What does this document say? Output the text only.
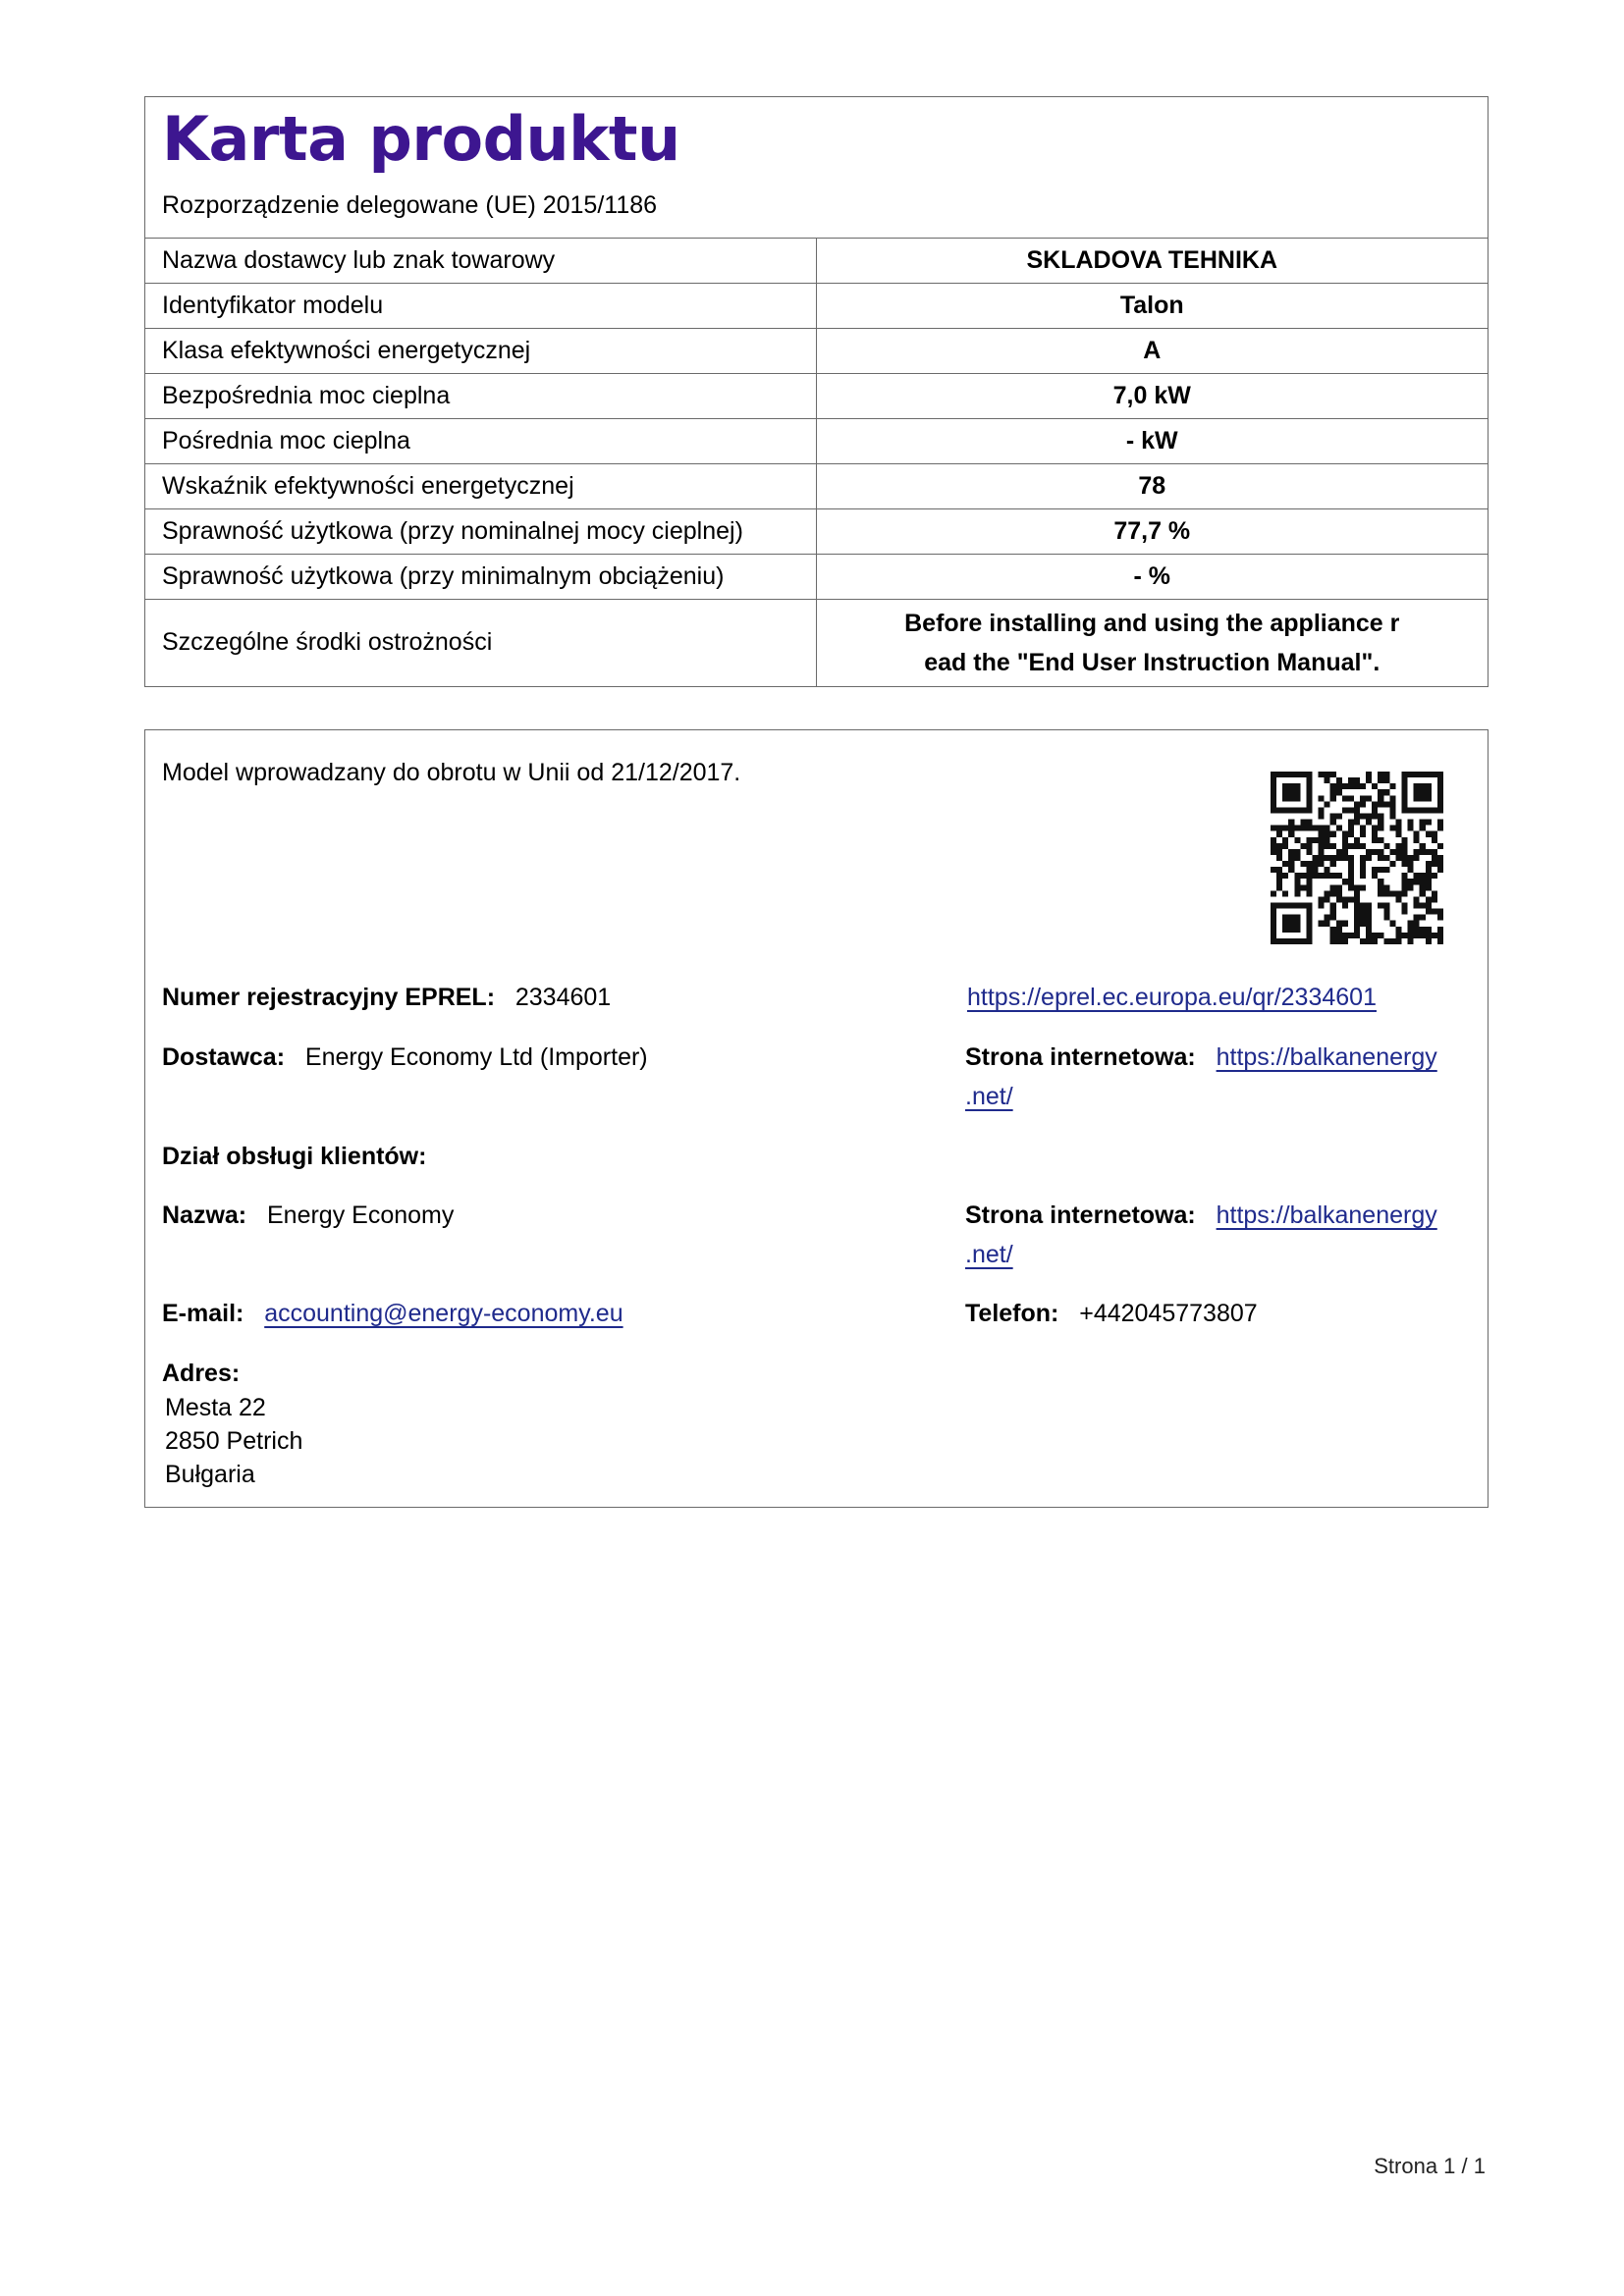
Karta produktu
Rozporządzenie delegowane (UE) 2015/1186
Nazwa dostawcy lub znak towarowy	SKLADOVA TEHNIKA
Identyfikator modelu	Talon
Klasa efektywności energetycznej	A
Bezpośrednia moc cieplna	7,0 kW
Pośrednia moc cieplna	- kW
Wskaźnik efektywności energetycznej	78
Sprawność użytkowa (przy nominalnej mocy cieplnej)	77,7 %
Sprawność użytkowa (przy minimalnym obciążeniu)	- %
Szczególne środki ostrożności	Before installing and using the appliance r
ead the "End User Instruction Manual".
Model wprowadzany do obrotu w Unii od 21/12/2017.
Numer rejestracyjny EPREL: 2334601	https://eprel.ec.europa.eu/qr/2334601
Dostawca: Energy Economy Ltd (Importer)	Strona internetowa: https://balkanenergy
.net/
Dział obsługi klientów:
Nazwa: Energy Economy	Strona internetowa: https://balkanenergy
.net/
E-mail: accounting@energy-economy.eu	Telefon: +442045773807
Adres:
Mesta 22
2850 Petrich
Bułgaria
Strona 1 / 1
